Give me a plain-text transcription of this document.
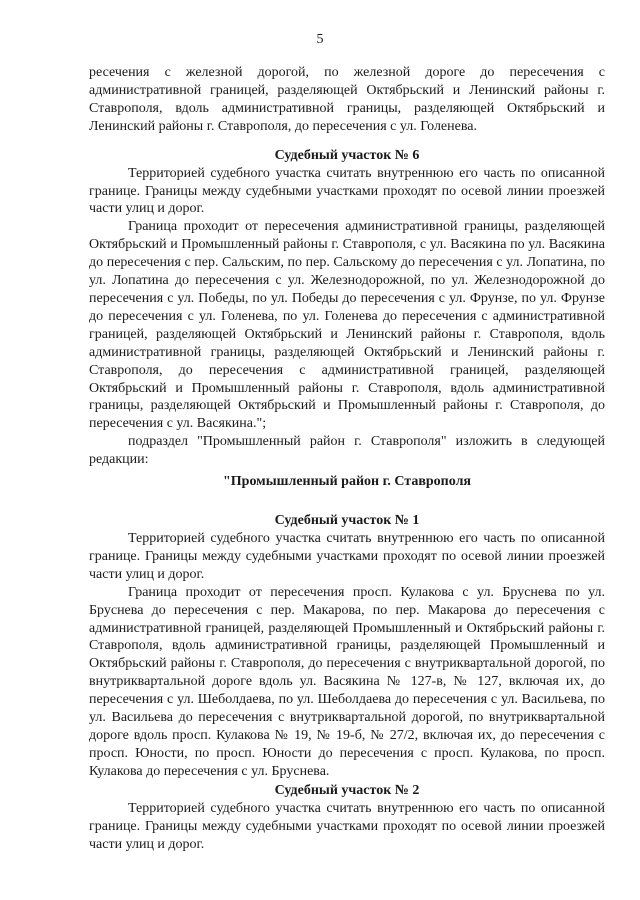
5

ресечения с железной дорогой, по железной дороге до пересечения с административной границей, разделяющей Октябрьский и Ленинский районы г. Ставрополя, вдоль административной границы, разделяющей Октябрьский и Ленинский районы г. Ставрополя, до пересечения с ул. Голенева.

Судебный участок № 6

Территорией судебного участка считать внутреннюю его часть по описанной границе. Границы между судебными участками проходят по осевой линии проезжей части улиц и дорог.

Граница проходит от пересечения административной границы, разделяющей Октябрьский и Промышленный районы г. Ставрополя, с ул. Васякина по ул. Васякина до пересечения с пер. Сальским, по пер. Сальскому до пересечения с ул. Лопатина, по ул. Лопатина до пересечения с ул. Железнодорожной, по ул. Железнодорожной до пересечения с ул. Победы, по ул. Победы до пересечения с ул. Фрунзе, по ул. Фрунзе до пересечения с ул. Голенева, по ул. Голенева до пересечения с административной границей, разделяющей Октябрьский и Ленинский районы г. Ставрополя, вдоль административной границы, разделяющей Октябрьский и Ленинский районы г. Ставрополя, до пересечения с административной границей, разделяющей Октябрьский и Промышленный районы г. Ставрополя, вдоль административной границы, разделяющей Октябрьский и Промышленный районы г. Ставрополя, до пересечения с ул. Васякина.";

подраздел "Промышленный район г. Ставрополя" изложить в следующей редакции:

"Промышленный район г. Ставрополя
Судебный участок № 1

Территорией судебного участка считать внутреннюю его часть по описанной границе. Границы между судебными участками проходят по осевой линии проезжей части улиц и дорог.

Граница проходит от пересечения просп. Кулакова с ул. Бруснева по ул. Бруснева до пересечения с пер. Макарова, по пер. Макарова до пересечения с административной границей, разделяющей Промышленный и Октябрьский районы г. Ставрополя, вдоль административной границы, разделяющей Промышленный и Октябрьский районы г. Ставрополя, до пересечения с внутриквартальной дорогой, по внутриквартальной дороге вдоль ул. Васякина № 127-в, № 127, включая их, до пересечения с ул. Шеболдаева, по ул. Шеболдаева до пересечения с ул. Васильева, по ул. Васильева до пересечения с внутриквартальной дорогой, по внутриквартальной дороге вдоль просп. Кулакова № 19, № 19-б, № 27/2, включая их, до пересечения с просп. Юности, по просп. Юности до пересечения с просп. Кулакова, по просп. Кулакова до пересечения с ул. Бруснева.

Судебный участок № 2

Территорией судебного участка считать внутреннюю его часть по описанной границе. Границы между судебными участками проходят по осевой линии проезжей части улиц и дорог.
